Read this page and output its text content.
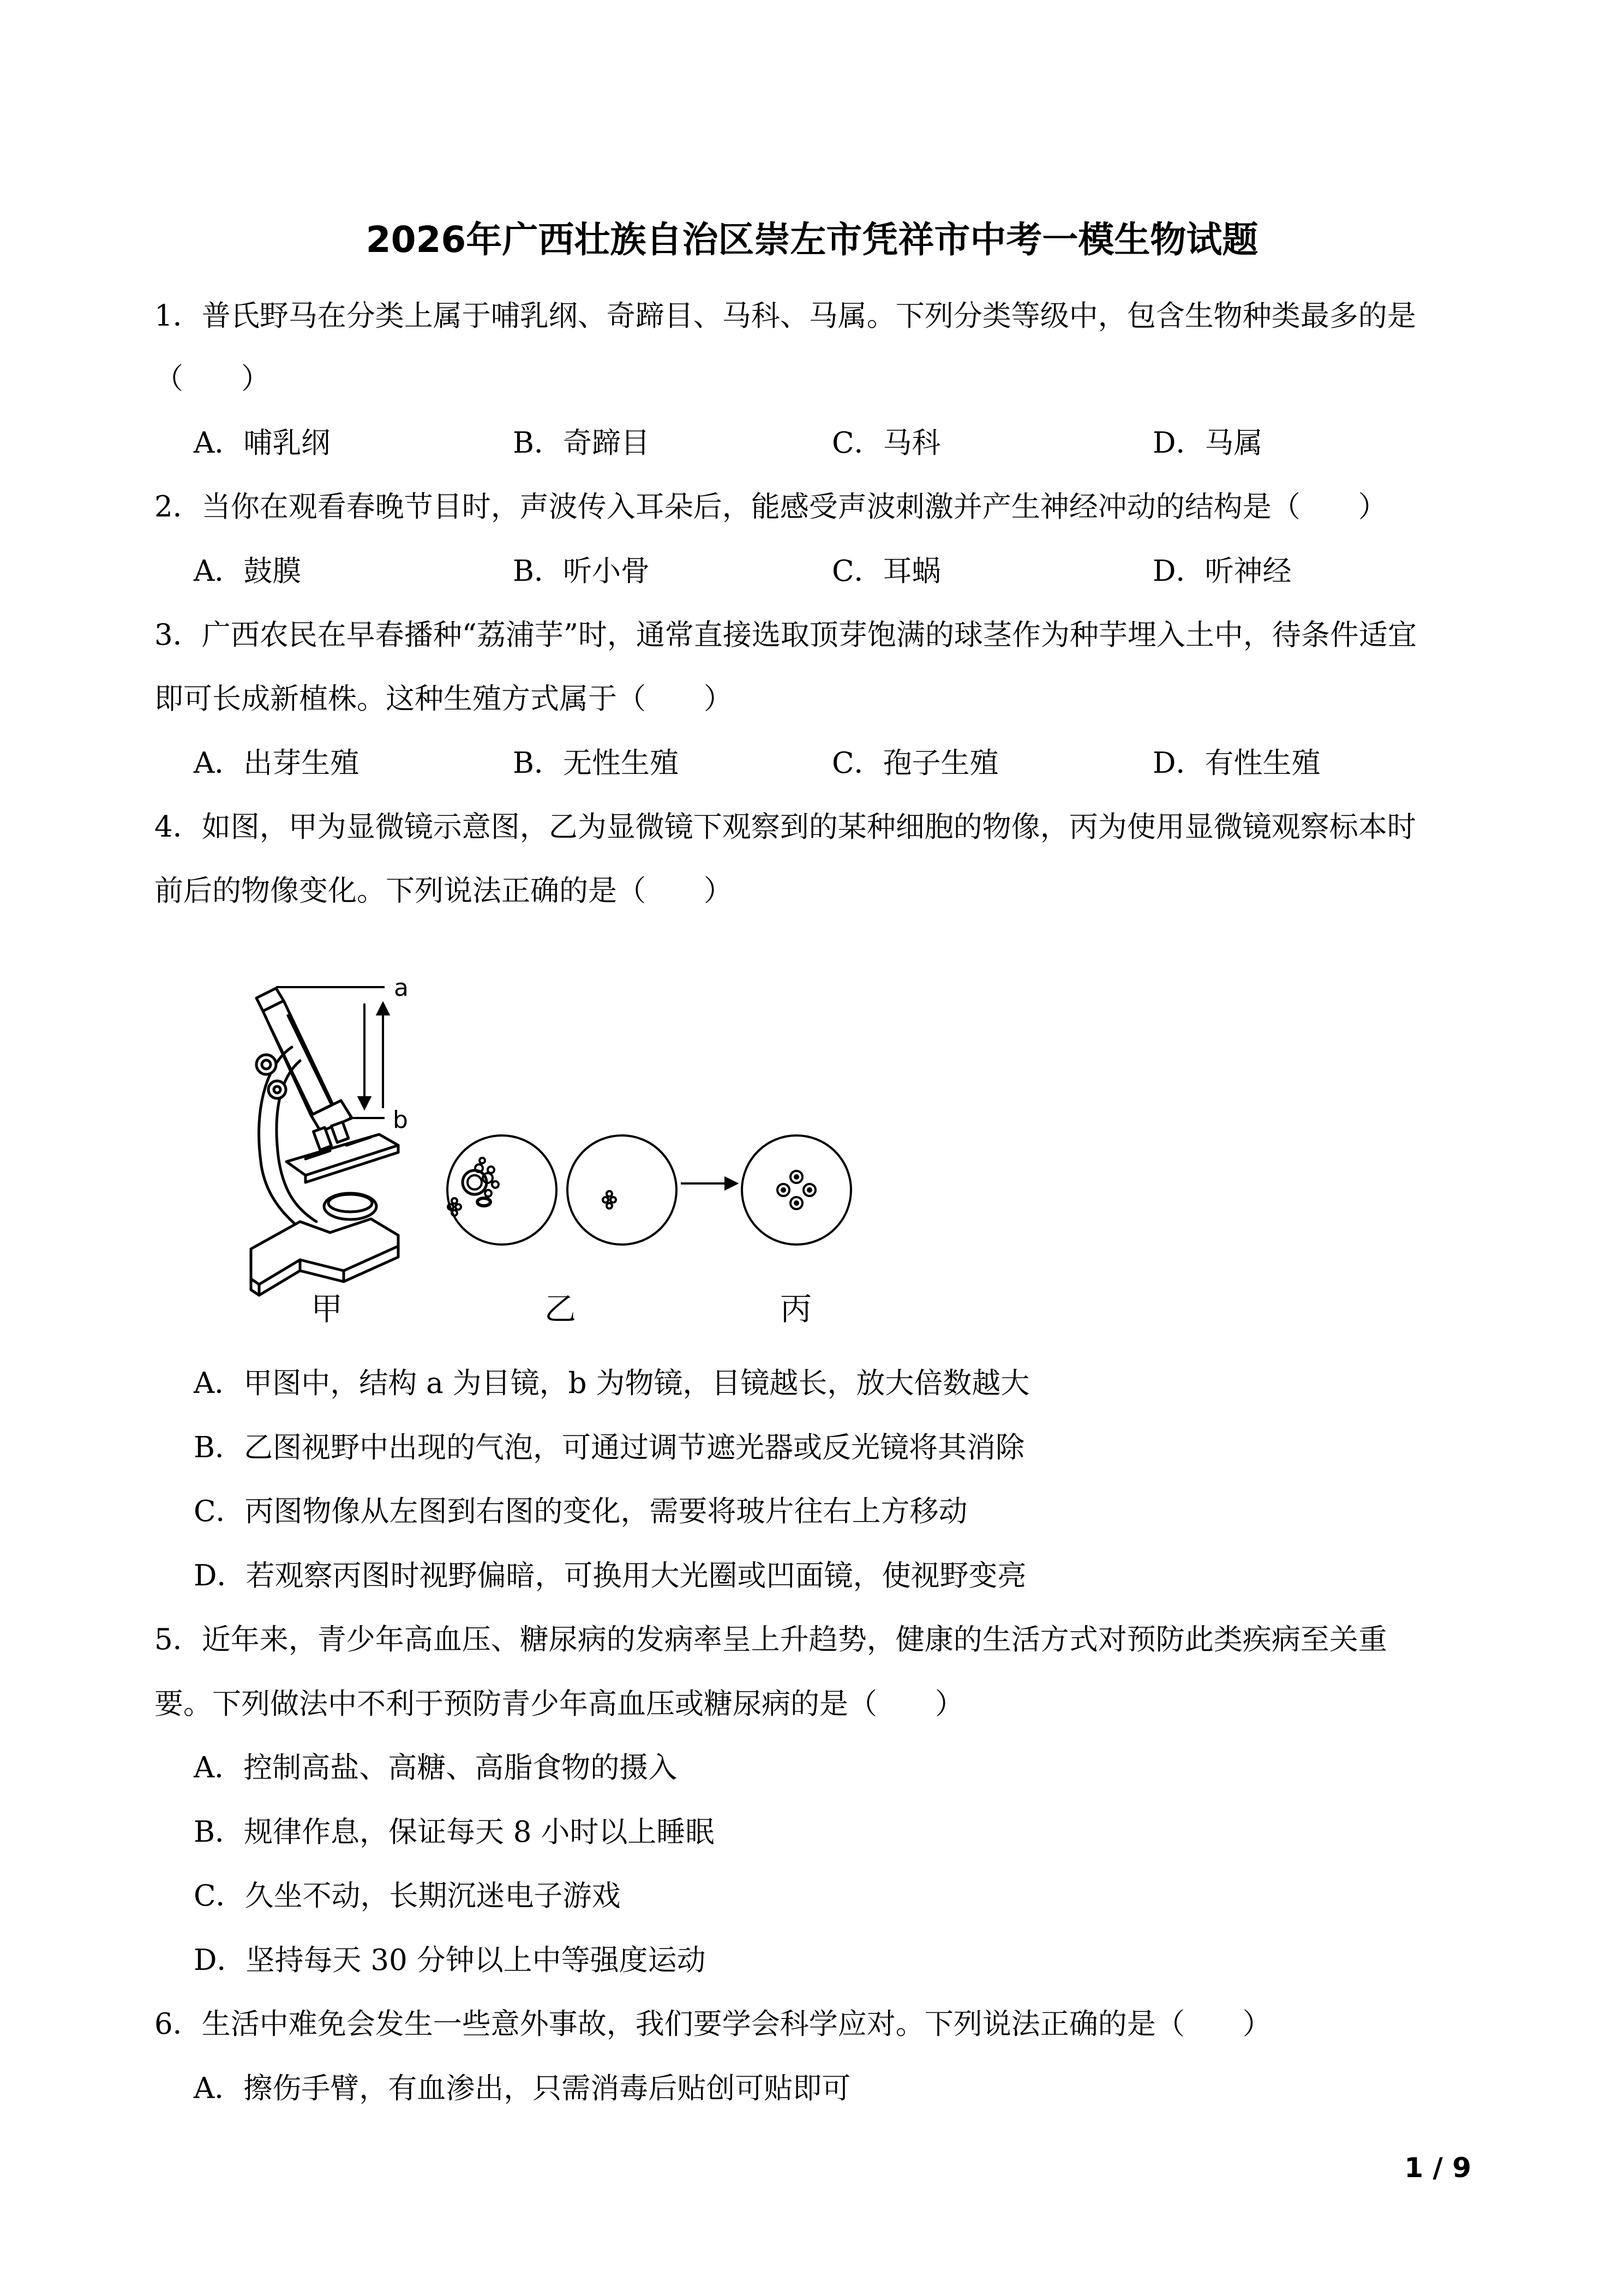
2026年广西壮族自治区崇左市凭祥市中考一模生物试题
1．普氏野马在分类上属于哺乳纲、奇蹄目、马科、马属。下列分类等级中，包含生物种类最多的是
（　　）
A．哺乳纲	B．奇蹄目	C．马科	D．马属
2．当你在观看春晚节目时，声波传入耳朵后，能感受声波刺激并产生神经冲动的结构是（　　）
A．鼓膜	B．听小骨	C．耳蜗	D．听神经
3．广西农民在早春播种“荔浦芋”时，通常直接选取顶芽饱满的球茎作为种芋埋入土中，待条件适宜
即可长成新植株。这种生殖方式属于（　　）
A．出芽生殖	B．无性生殖	C．孢子生殖	D．有性生殖
4．如图，甲为显微镜示意图，乙为显微镜下观察到的某种细胞的物像，丙为使用显微镜观察标本时
前后的物像变化。下列说法正确的是（　　）
a
b
甲	乙	丙
A．甲图中，结构 a 为目镜，b 为物镜，目镜越长，放大倍数越大
B．乙图视野中出现的气泡，可通过调节遮光器或反光镜将其消除
C．丙图物像从左图到右图的变化，需要将玻片往右上方移动
D．若观察丙图时视野偏暗，可换用大光圈或凹面镜，使视野变亮
5．近年来，青少年高血压、糖尿病的发病率呈上升趋势，健康的生活方式对预防此类疾病至关重
要。下列做法中不利于预防青少年高血压或糖尿病的是（　　）
A．控制高盐、高糖、高脂食物的摄入
B．规律作息，保证每天 8 小时以上睡眠
C．久坐不动，长期沉迷电子游戏
D．坚持每天 30 分钟以上中等强度运动
6．生活中难免会发生一些意外事故，我们要学会科学应对。下列说法正确的是（　　）
A．擦伤手臂，有血渗出，只需消毒后贴创可贴即可
1 / 9
